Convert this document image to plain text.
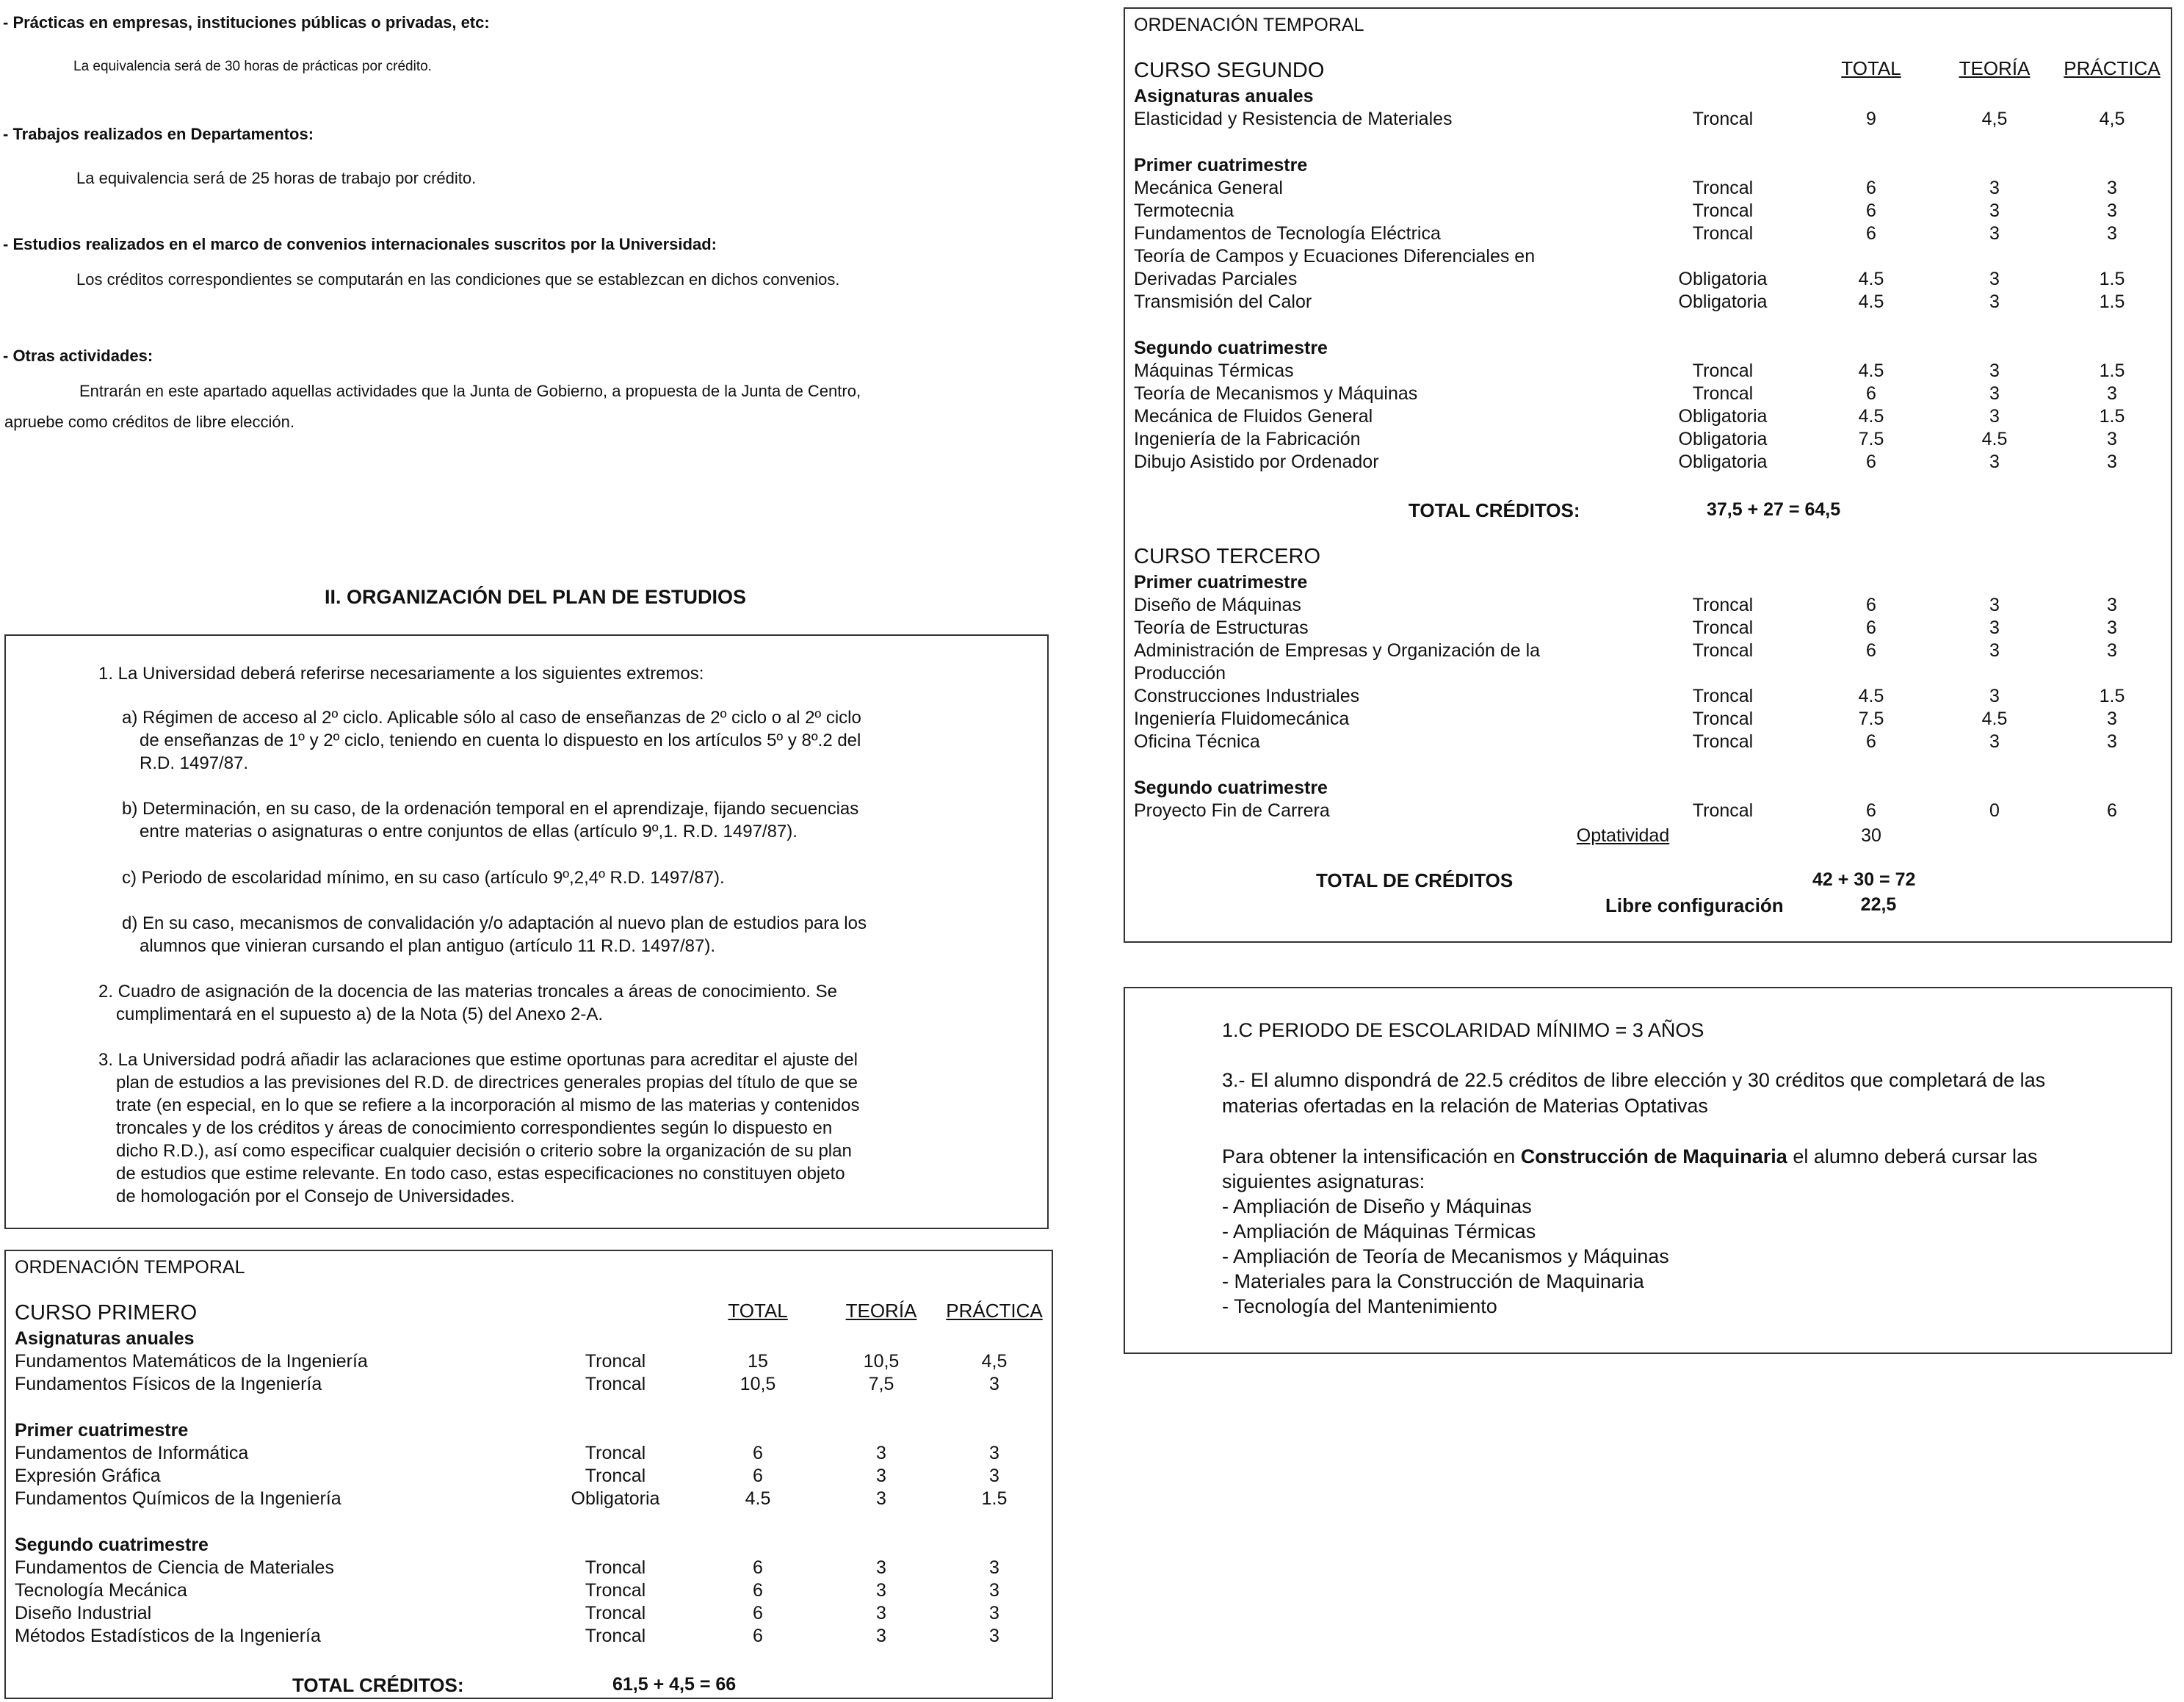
- Prácticas en empresas, instituciones públicas o privadas, etc:
La equivalencia será de 30 horas de prácticas por crédito.
- Trabajos realizados en Departamentos:
La equivalencia será de 25 horas de trabajo por crédito.
- Estudios realizados en el marco de convenios internacionales suscritos por la Universidad:
Los créditos correspondientes se computarán en las condiciones que se establezcan en dichos convenios.
- Otras actividades:
Entrarán en este apartado aquellas actividades que la Junta de Gobierno, a propuesta de la Junta de Centro,
apruebe como créditos de libre elección.
II. ORGANIZACIÓN DEL PLAN DE ESTUDIOS

1. La Universidad deberá referirse necesariamente a los siguientes extremos:

a) Régimen de acceso al 2º ciclo. Aplicable sólo al caso de enseñanzas de 2º ciclo o al 2º ciclo

de enseñanzas de 1º y 2º ciclo, teniendo en cuenta lo dispuesto en los artículos 5º y 8º.2 del

R.D. 1497/87.

b) Determinación, en su caso, de la ordenación temporal en el aprendizaje, fijando secuencias

entre materias o asignaturas o entre conjuntos de ellas (artículo 9º,1. R.D. 1497/87).

c) Periodo de escolaridad mínimo, en su caso (artículo 9º,2,4º R.D. 1497/87).

d) En su caso, mecanismos de convalidación y/o adaptación al nuevo plan de estudios para los

alumnos que vinieran cursando el plan antiguo (artículo 11 R.D. 1497/87).

2. Cuadro de asignación de la docencia de las materias troncales a áreas de conocimiento. Se

cumplimentará en el supuesto a) de la Nota (5) del Anexo 2-A.

3. La Universidad podrá añadir las aclaraciones que estime oportunas para acreditar el ajuste del

plan de estudios a las previsiones del R.D. de directrices generales propias del título de que se

trate (en especial, en lo que se refiere a la incorporación al mismo de las materias y contenidos

troncales y de los créditos y áreas de conocimiento correspondientes según lo dispuesto en

dicho R.D.), así como especificar cualquier decisión o criterio sobre la organización de su plan

de estudios que estime relevante. En todo caso, estas especificaciones no constituyen objeto

de homologación por el Consejo de Universidades.

ORDENACIÓN TEMPORAL
CURSO PRIMERO	TOTAL	TEORÍA PRÁCTICA
Asignaturas anuales
Fundamentos Matemáticos de la Ingeniería	Troncal	15	10,5	4,5
Fundamentos Físicos de la Ingeniería	Troncal	10,5	7,5	3
Primer cuatrimestre
Fundamentos de Informática	Troncal	6	3	3
Expresión Gráfica	Troncal	6	3	3
Fundamentos Químicos de la Ingeniería	Obligatoria	4.5	3	1.5
Segundo cuatrimestre
Fundamentos de Ciencia de Materiales	Troncal	6	3	3
Tecnología Mecánica	Troncal	6	3	3
Diseño Industrial	Troncal	6	3	3
Métodos Estadísticos de la Ingeniería	Troncal	6	3	3
TOTAL CRÉDITOS:	61,5 + 4,5 = 66
ORDENACIÓN TEMPORAL
CURSO SEGUNDO	TOTAL	TEORÍA PRÁCTICA
Asignaturas anuales
Elasticidad y Resistencia de Materiales	Troncal	9	4,5	4,5
Primer cuatrimestre
Mecánica General	Troncal	6	3	3
Termotecnia	Troncal	6	3	3
Fundamentos de Tecnología Eléctrica	Troncal	6	3	3
Teoría de Campos y Ecuaciones Diferenciales en
Derivadas Parciales	Obligatoria	4.5	3	1.5
Transmisión del Calor	Obligatoria	4.5	3	1.5
Segundo cuatrimestre
Máquinas Térmicas	Troncal	4.5	3	1.5
Teoría de Mecanismos y Máquinas	Troncal	6	3	3
Mecánica de Fluidos General	Obligatoria	4.5	3	1.5
Ingeniería de la Fabricación	Obligatoria	7.5	4.5	3
Dibujo Asistido por Ordenador	Obligatoria	6	3	3
TOTAL CRÉDITOS:	37,5 + 27 = 64,5
CURSO TERCERO
Primer cuatrimestre
Diseño de Máquinas	Troncal	6	3	3
Teoría de Estructuras	Troncal	6	3	3
Administración de Empresas y Organización de la	Troncal	6	3	3
Producción
Construcciones Industriales	Troncal	4.5	3	1.5
Ingeniería Fluidomecánica	Troncal	7.5	4.5	3
Oficina Técnica	Troncal	6	3	3
Segundo cuatrimestre
Proyecto Fin de Carrera	Troncal	6	0	6
Optatividad	30
TOTAL DE CRÉDITOS	42 + 30 = 72
Libre configuración	22,5

1.C PERIODO DE ESCOLARIDAD MÍNIMO = 3 AÑOS

3.- El alumno dispondrá de 22.5 créditos de libre elección y 30 créditos que completará de las

materias ofertadas en la relación de Materias Optativas

Para obtener la intensificación en Construcción de Maquinaria el alumno deberá cursar las

siguientes asignaturas:

- Ampliación de Diseño y Máquinas

- Ampliación de Máquinas Térmicas

- Ampliación de Teoría de Mecanismos y Máquinas

- Materiales para la Construcción de Maquinaria

- Tecnología del Mantenimiento
